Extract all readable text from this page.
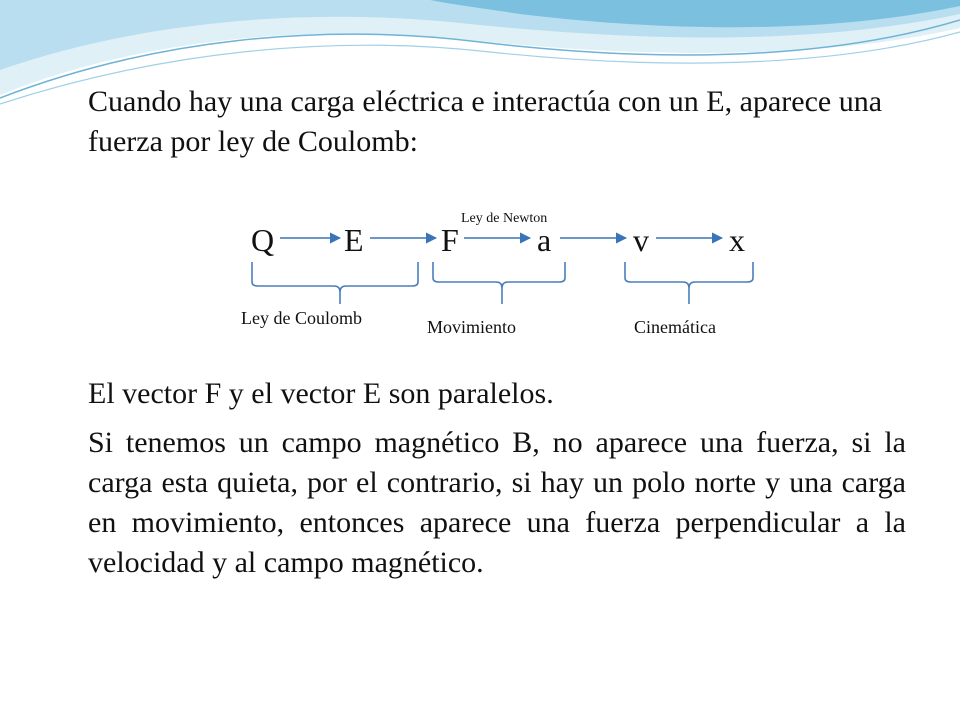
Cuando hay una carga eléctrica e interactúa con un E, aparece una fuerza por ley de Coulomb:

Ley de Newton
Q E F a	v	x
Ley de Coulomb	Movimiento	Cinemática

El vector F y el vector E son paralelos.

Si tenemos un campo magnético B, no aparece una fuerza, si la carga esta quieta, por el contrario, si hay un polo norte y una carga en movimiento, entonces aparece una fuerza perpendicular a la velocidad y al campo magnético.
